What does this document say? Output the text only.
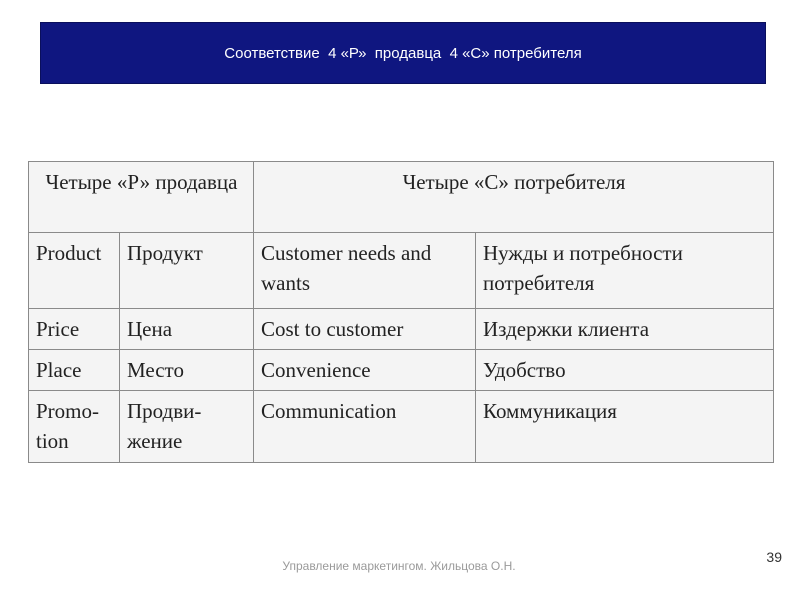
Соответствие  4 «Р»  продавца  4 «С» потребителя
Четыре «Р» продавца		Четыре «С» потребителя	
Product	Продукт	Customer needs and wants	Нужды и потребности потребителя
Price	Цена	Cost to customer	Издержки клиента
Place	Место	Convenience	Удобство
Promo-tion	Продви-жение	Communication	Коммуникация
Управление маркетингом. Жильцова О.Н.
39
